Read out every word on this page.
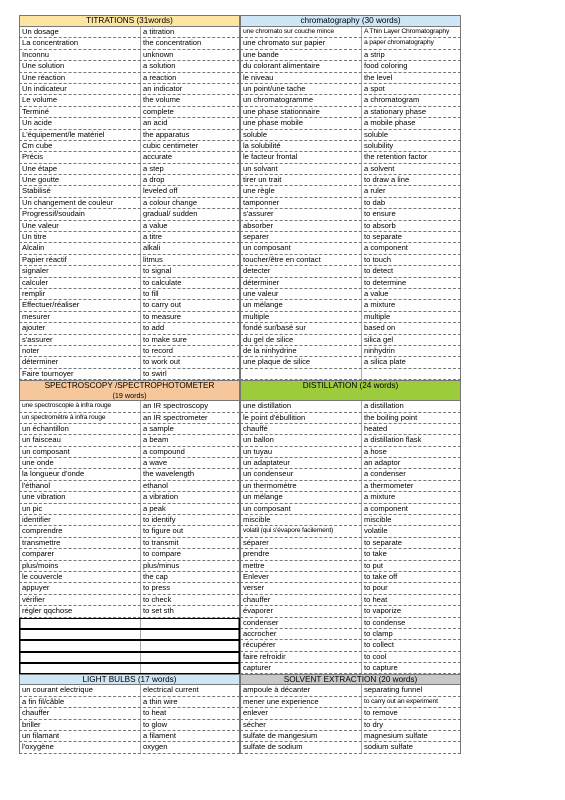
TITRATIONS (31words)
Un dosage	a titration
La concentration	the concentration
Inconnu	unknown
Une solution	a solution
Une réaction	a reaction
Un indicateur	an indicator
Le volume	the volume
Terminé	complete
Un acide	an acid
L'équipement/le matériel	the apparatus
Cm cube	cubic centimeter
Précis	accurate
Une étape	a step
Une goutte	a drop
Stabilisé	leveled off
Un changement de couleur	a colour change
Progressif/soudain	gradual/ sudden
Une valeur	a value
Un titre	a titre
Alcalin	alkali
Papier réactif	litmus
signaler	to signal
calculer	to calculate
remplir	to fill
Effectuer/réaliser	to carry out
mesurer	to measure
ajouter	to add
s'assurer	to make sure
noter	to record
déterminer	to work out
Faire tournoyer	to swirl
chromatography (30 words)
une chromato sur couche mince	A Thin Layer Chromatography
une chromato sur papier	a paper chromatography
une bande	a strip
du colorant alimentaire	food coloring
le niveau	the level
un point/une tache	a spot
un chromatogramme	a chromatogram
une phase stationnaire	a stationary phase
une phase mobile	a mobile phase
soluble	soluble
la solubilité	solubility
le facteur frontal	the retention factor
un solvant	a solvent
tirer un trait	to draw a line
une règle	a ruler
tamponner	to dab
s'assurer	to ensure
absorber	to absorb
separer	to separate
un composant	a component
toucher/être en contact	to touch
detecter	to detect
déterminer	to determine
une valeur	a value
un mélange	a mixture
multiple	multiple
fondé sur/basé sur	based on
du gel de silice	silica gel
de la ninhydrine	ninhydrin
une plaque de silice	a silica plate
SPECTROSCOPY /SPECTROPHOTOMETER
(19 words)
une spectroscopie à infra rouge	an IR spectroscopy
un spectromètre à infra rouge	an IR spectrometer
un échantillon	a sample
un faisceau	a beam
un composant	a compound
une onde	a wave
la longueur d'onde	the wavelength
l'éthanol	ethanol
une vibration	a vibration
un pic	a peak
identifier	to identify
comprendre	to figure out
transmettre	to transmit
comparer	to compare
plus/moins	plus/minus
le couvercle	the cap
appuyer	to press
vérifier	to check
régler qqchose	to set sth
DISTILLATION (24 words)
une distillation	a distillation
le point d'ébullition	the boiling point
chauffé	heated
un ballon	a distillation flask
un tuyau	a hose
un adaptateur	an adaptor
un condenseur	a condenser
un thermomètre	a thermometer
un mélange	a mixture
un composant	a component
miscible	miscible
volatil (qui s'évapore facilement)	volatile
séparer	to separate
prendre	to take
mettre	to put
Enlever	to take off
verser	to pour
chauffer	to heat
évaporer	to vaporize
condenser	to condense
accrocher	to clamp
récupérer	to collect
faire refroidir	to cool
capturer	to capture
LIGHT BULBS (17 words)
un courant electrique	electrical current
a fin fil/câble	a thin wire
chauffer	to heat
briller	to glow
un filamant	a filament
l'oxygène	oxygen
SOLVENT EXTRACTION (20 words)
ampoule à décanter	separating funnel
mener une experience	to carry out an experiment
enlever	to remove
sécher	to dry
sulfate de mangesium	magnesium sulfate
sulfate de sodium	sodium sulfate
